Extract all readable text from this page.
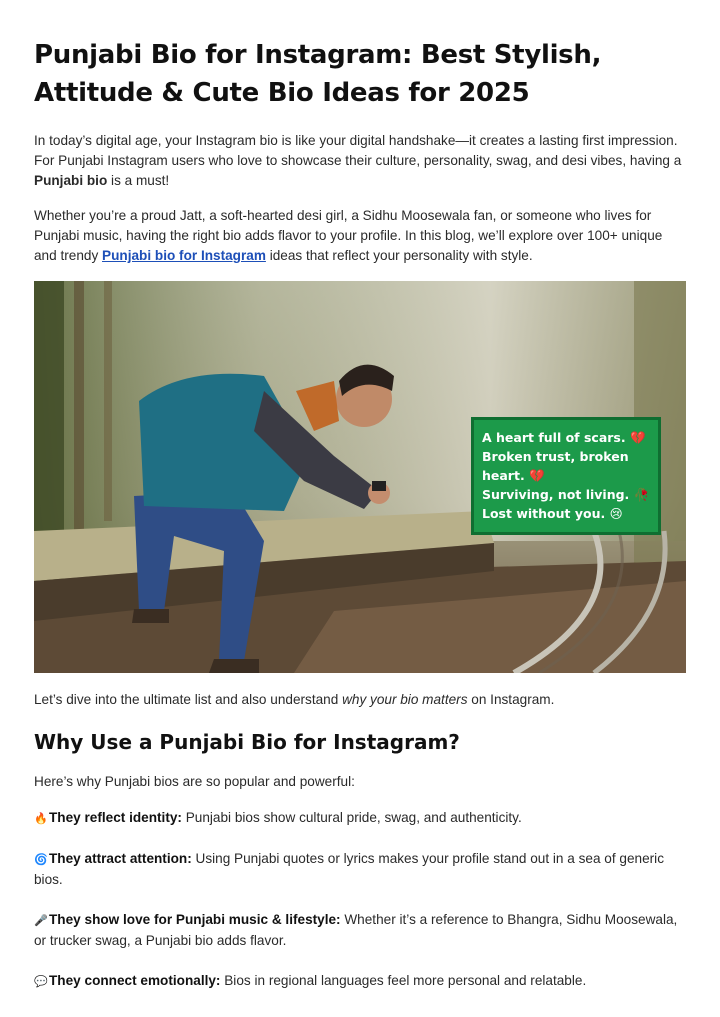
Punjabi Bio for Instagram: Best Stylish, Attitude & Cute Bio Ideas for 2025

In today’s digital age, your Instagram bio is like your digital handshake—it creates a lasting first impression. For Punjabi Instagram users who love to showcase their culture, personality, swag, and desi vibes, having a Punjabi bio is a must!

Whether you’re a proud Jatt, a soft-hearted desi girl, a Sidhu Moosewala fan, or someone who lives for Punjabi music, having the right bio adds flavor to your profile. In this blog, we’ll explore over 100+ unique and trendy Punjabi bio for Instagram ideas that reflect your personality with style.

A heart full of scars. 💔
Broken trust, broken
heart. 💔
Surviving, not living. 🥀
Lost without you. 😢

Let’s dive into the ultimate list and also understand why your bio matters on Instagram.

Why Use a Punjabi Bio for Instagram?

Here’s why Punjabi bios are so popular and powerful:

🔥They reflect identity: Punjabi bios show cultural pride, swag, and authenticity.

🌀They attract attention: Using Punjabi quotes or lyrics makes your profile stand out in a sea of generic bios.

🎤They show love for Punjabi music & lifestyle: Whether it’s a reference to Bhangra, Sidhu Moosewala, or trucker swag, a Punjabi bio adds flavor.

💬They connect emotionally: Bios in regional languages feel more personal and relatable.
